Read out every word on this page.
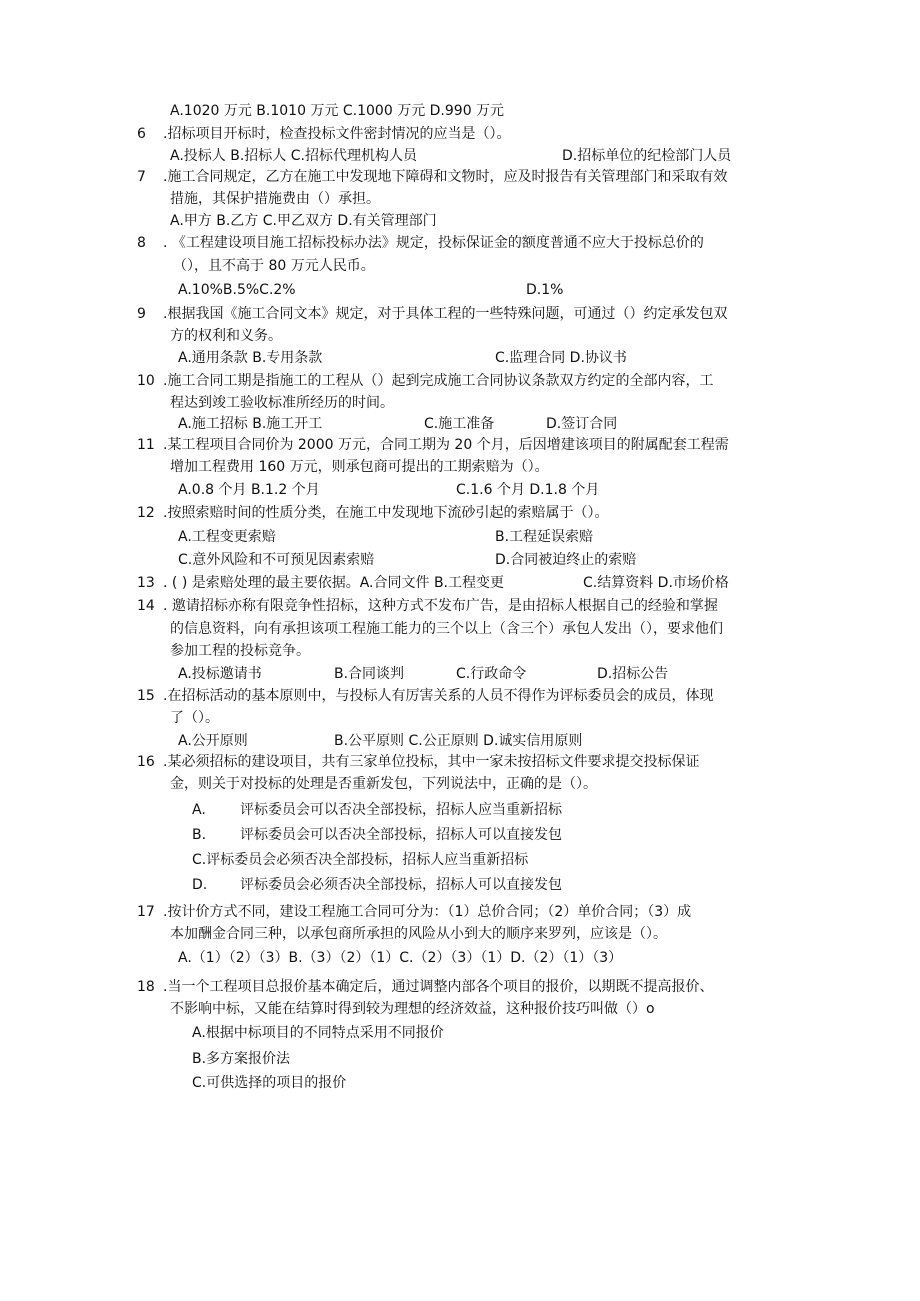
A.1020 万元 B.1010 万元 C.1000 万元 D.990 万元
6 .招标项目开标时，检查投标文件密封情况的应当是（）。
A.投标人 B.招标人 C.招标代理机构人员	D.招标单位的纪检部门人员
7 .施工合同规定，乙方在施工中发现地下障碍和文物时，应及时报告有关管理部门和采取有效
措施，其保护措施费由（）承担。
A.甲方 B.乙方 C.甲乙双方 D.有关管理部门
8 . 《工程建设项目施工招标投标办法》规定，投标保证金的额度普通不应大于投标总价的
（），且不高于 80 万元人民币。
A.10%B.5%C.2%	D.1%
9 .根据我国《施工合同文本》规定，对于具体工程的一些特殊问题，可通过（）约定承发包双
方的权利和义务。
A.通用条款 B.专用条款	C.监理合同 D.协议书
10 .施工合同工期是指施工的工程从（）起到完成施工合同协议条款双方约定的全部内容，工
程达到竣工验收标准所经历的时间。
A.施工招标 B.施工开工	C.施工准备	D.签订合同
11 .某工程项目合同价为 2000 万元，合同工期为 20 个月，后因增建该项目的附属配套工程需
增加工程费用 160 万元，则承包商可提出的工期索赔为（）。
A.0.8 个月 B.1.2 个月	C.1.6 个月 D.1.8 个月
12 .按照索赔时间的性质分类，在施工中发现地下流砂引起的索赔属于（）。
A.工程变更索赔	B.工程延误索赔
C.意外风险和不可预见因素索赔	D.合同被迫终止的索赔
13 . ( ) 是索赔处理的最主要依据。A.合同文件 B.工程变更	C.结算资料 D.市场价格
14 . 邀请招标亦称有限竞争性招标，这种方式不发布广告，是由招标人根据自己的经验和掌握
的信息资料，向有承担该项工程施工能力的三个以上（含三个）承包人发出（），要求他们
参加工程的投标竞争。
A.投标邀请书	B.合同谈判	C.行政命令	D.招标公告
15 .在招标活动的基本原则中，与投标人有厉害关系的人员不得作为评标委员会的成员，体现
了（）。
A.公开原则	B.公平原则 C.公正原则 D.诚实信用原则
16 .某必须招标的建设项目，共有三家单位投标，其中一家未按招标文件要求提交投标保证
金，则关于对投标的处理是否重新发包，下列说法中，正确的是（）。
A. 评标委员会可以否决全部投标，招标人应当重新招标
B. 评标委员会可以否决全部投标，招标人可以直接发包
C.评标委员会必须否决全部投标，招标人应当重新招标
D. 评标委员会必须否决全部投标，招标人可以直接发包
17 .按计价方式不同，建设工程施工合同可分为：（1）总价合同；（2）单价合同；（3）成
本加酬金合同三种，以承包商所承担的风险从小到大的顺序来罗列，应该是（）。
A.（1）（2）（3）B.（3）（2）（1）C.（2）（3）（1）D.（2）（1）（3）
18 .当一个工程项目总报价基本确定后，通过调整内部各个项目的报价，以期既不提高报价、
不影响中标，又能在结算时得到较为理想的经济效益，这种报价技巧叫做（）o
A.根据中标项目的不同特点采用不同报价
B.多方案报价法
C.可供选择的项目的报价
